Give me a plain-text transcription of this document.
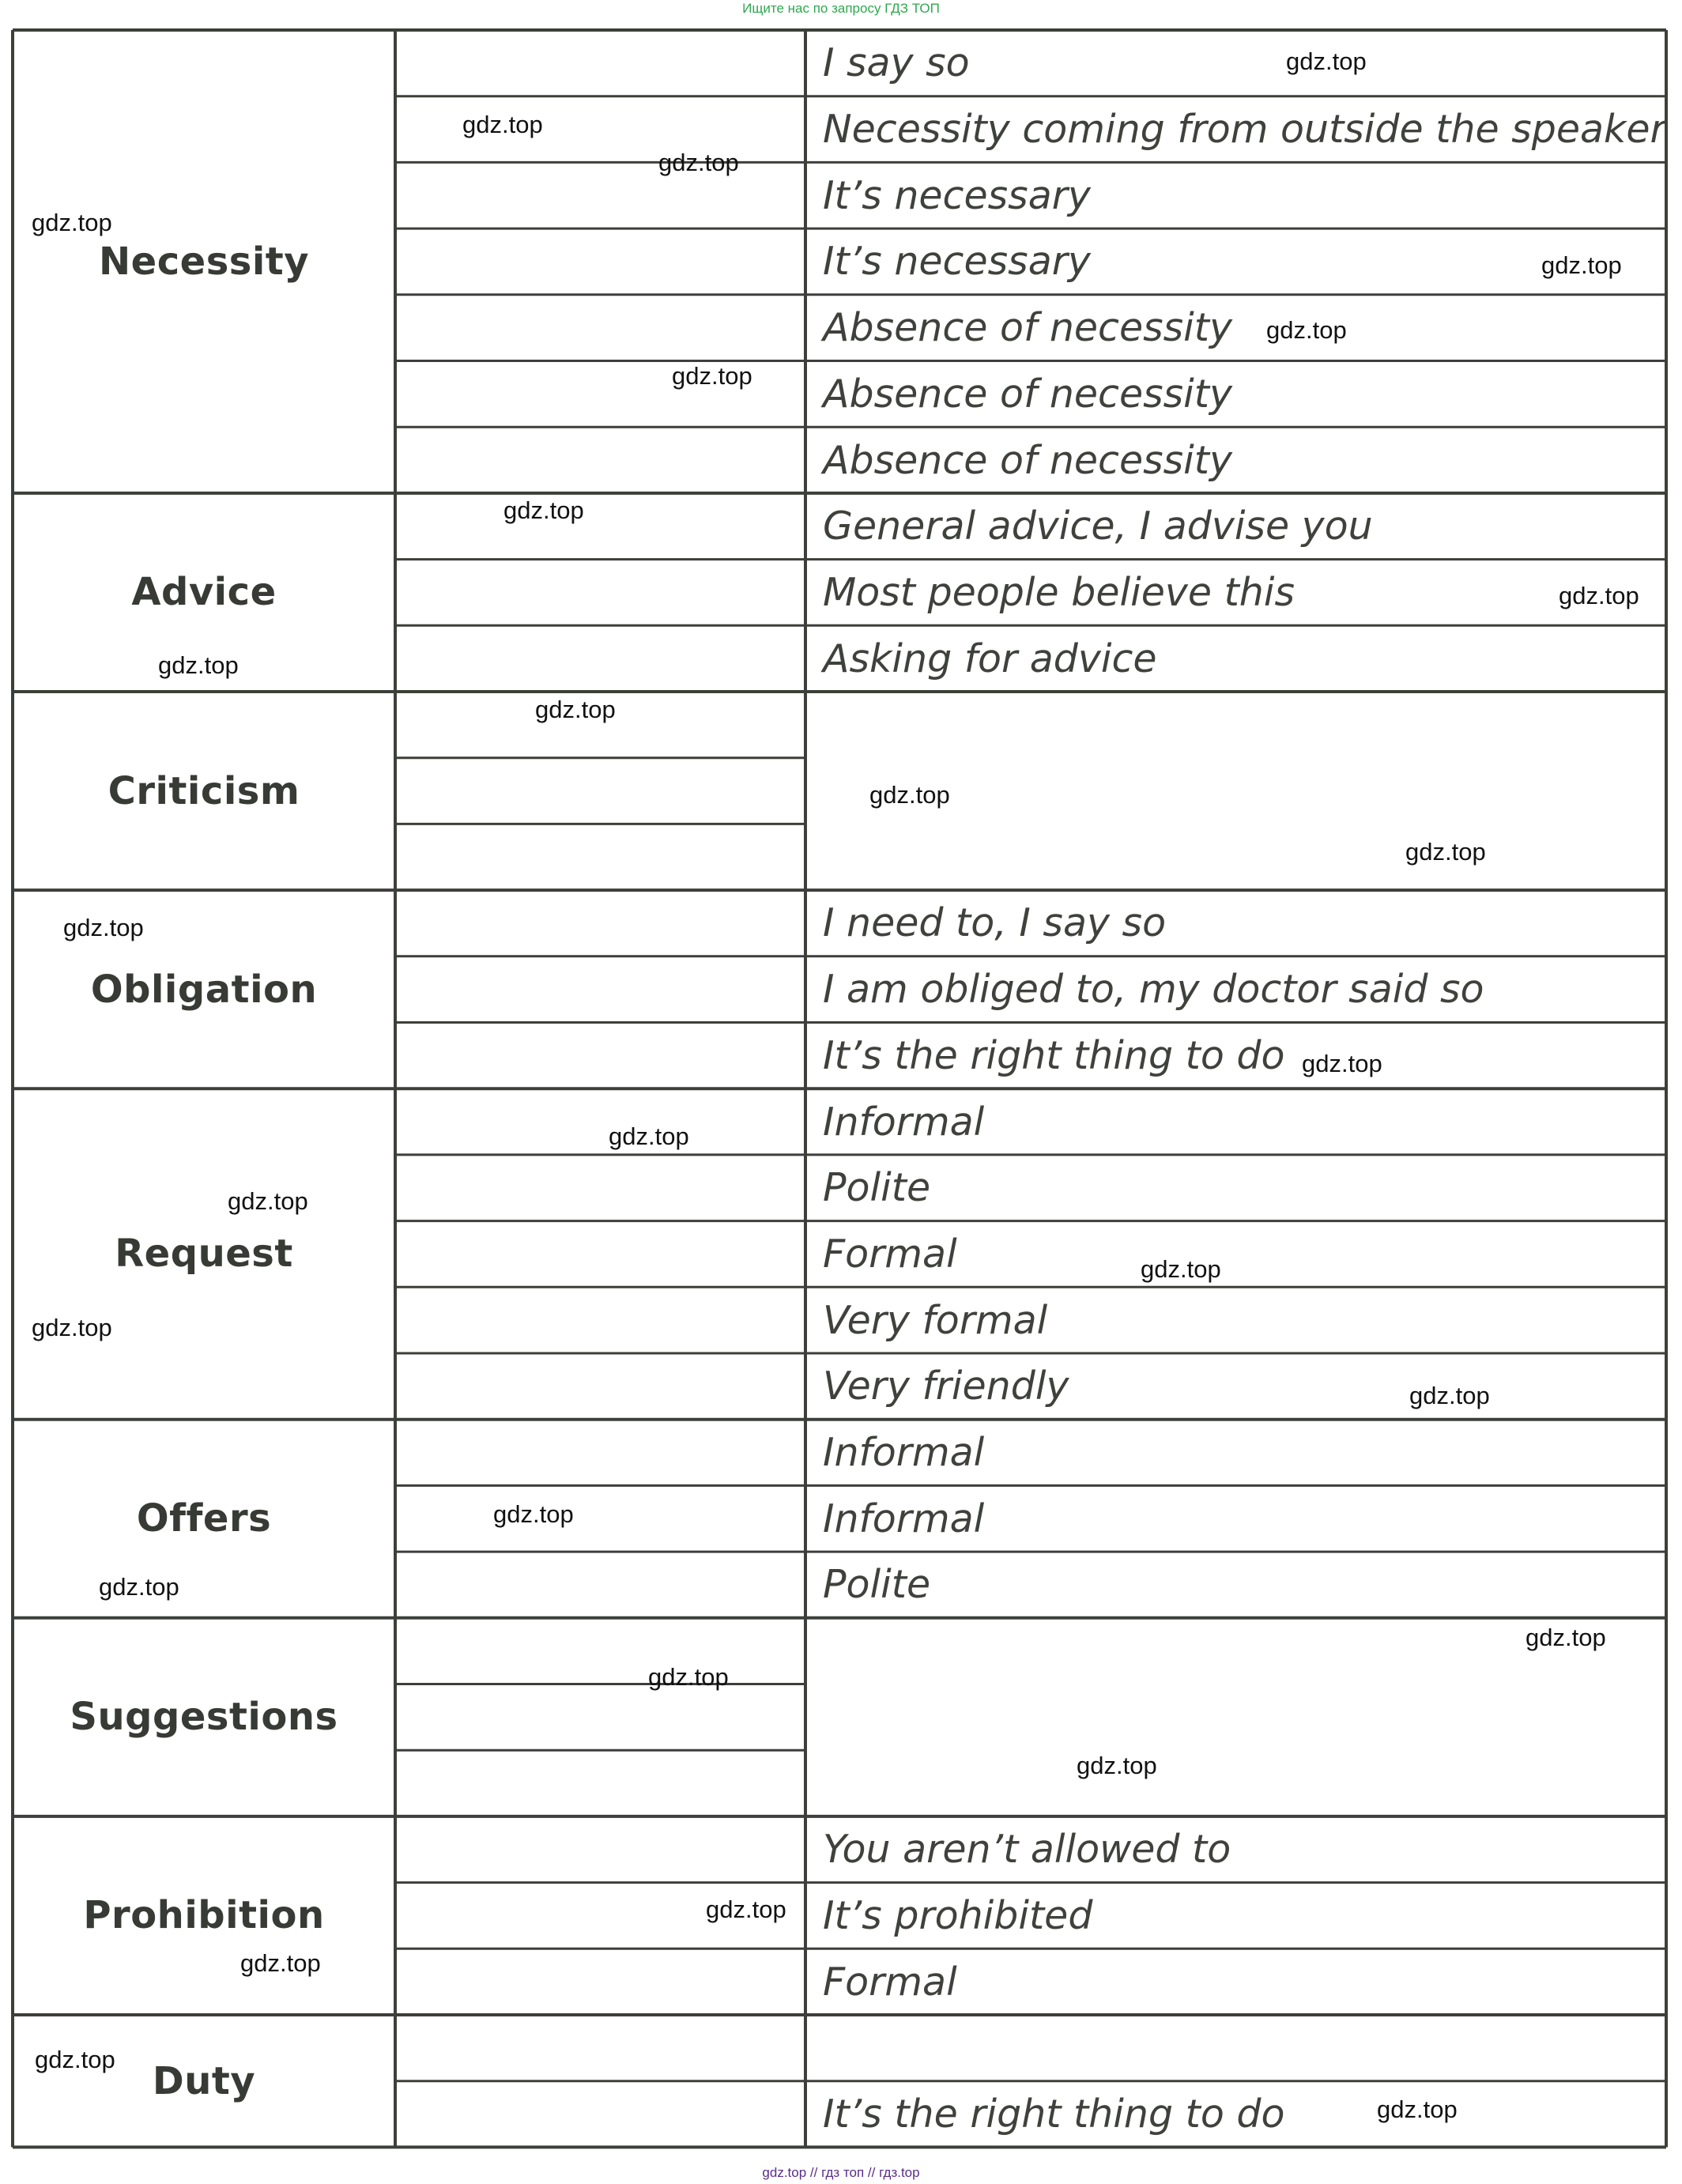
Ищите нас по запросу ГДЗ ТОП
Necessity
I say so
Necessity coming from outside the speaker
It’s necessary
It’s necessary
Absence of necessity
Absence of necessity
Absence of necessity
Advice
General advice, I advise you
Most people believe this
Asking for advice
Criticism
Obligation
I need to, I say so
I am obliged to, my doctor said so
It’s the right thing to do
Request
Informal
Polite
Formal
Very formal
Very friendly
Offers
Informal
Informal
Polite
Suggestions
Prohibition
You aren’t allowed to
It’s prohibited
Formal
Duty
It’s the right thing to do
gdz.top // гдз топ // гдз.top
gdz.top
gdz.top
gdz.top
gdz.top
gdz.top
gdz.top
gdz.top
gdz.top
gdz.top
gdz.top
gdz.top
gdz.top
gdz.top
gdz.top
gdz.top
gdz.top
gdz.top
gdz.top
gdz.top
gdz.top
gdz.top
gdz.top
gdz.top
gdz.top
gdz.top
gdz.top
gdz.top
gdz.top
gdz.top
